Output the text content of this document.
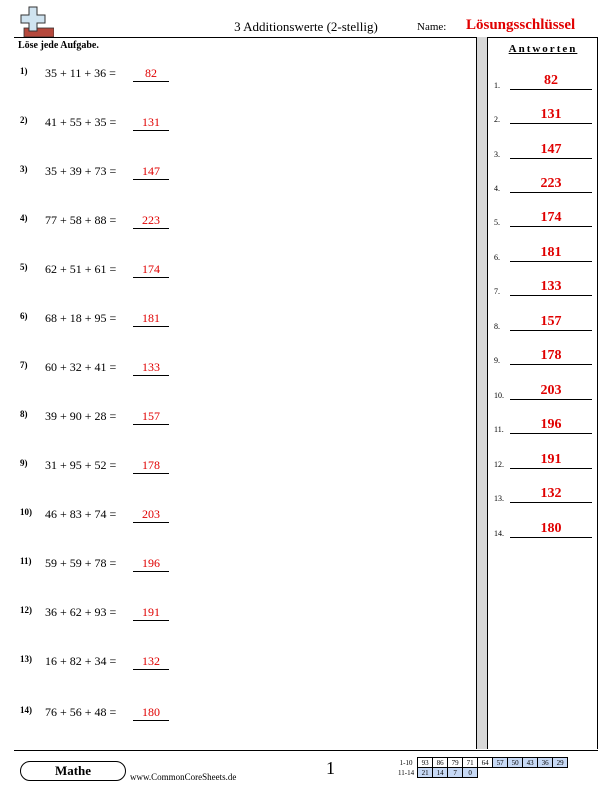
3 Additionswerte (2-stellig)	Name: Lösungsschlüssel
Löse jede Aufgabe.
1) 35 + 11 + 36 =	82
2) 41 + 55 + 35 =	131
3) 35 + 39 + 73 =	147
4) 77 + 58 + 88 =	223
5) 62 + 51 + 61 =	174
6) 68 + 18 + 95 =	181
7) 60 + 32 + 41 =	133
8) 39 + 90 + 28 =	157
9) 31 + 95 + 52 =	178
10) 46 + 83 + 74 =	203
11) 59 + 59 + 78 =	196
12) 36 + 62 + 93 =	191
13) 16 + 82 + 34 =	132
14) 76 + 56 + 48 =	180
Antworten
1.	82
2.	131
3.	147
4.	223
5.	174
6.	181
7.	133
8.	157
9.	178
10.	203
11.	196
12.	191
13.	132
14.	180
Mathe	www.CommonCoreSheets.de	1	1-10	93	86	79	71	64	57	50	43	36	29
11-14	21	14	7	0						
